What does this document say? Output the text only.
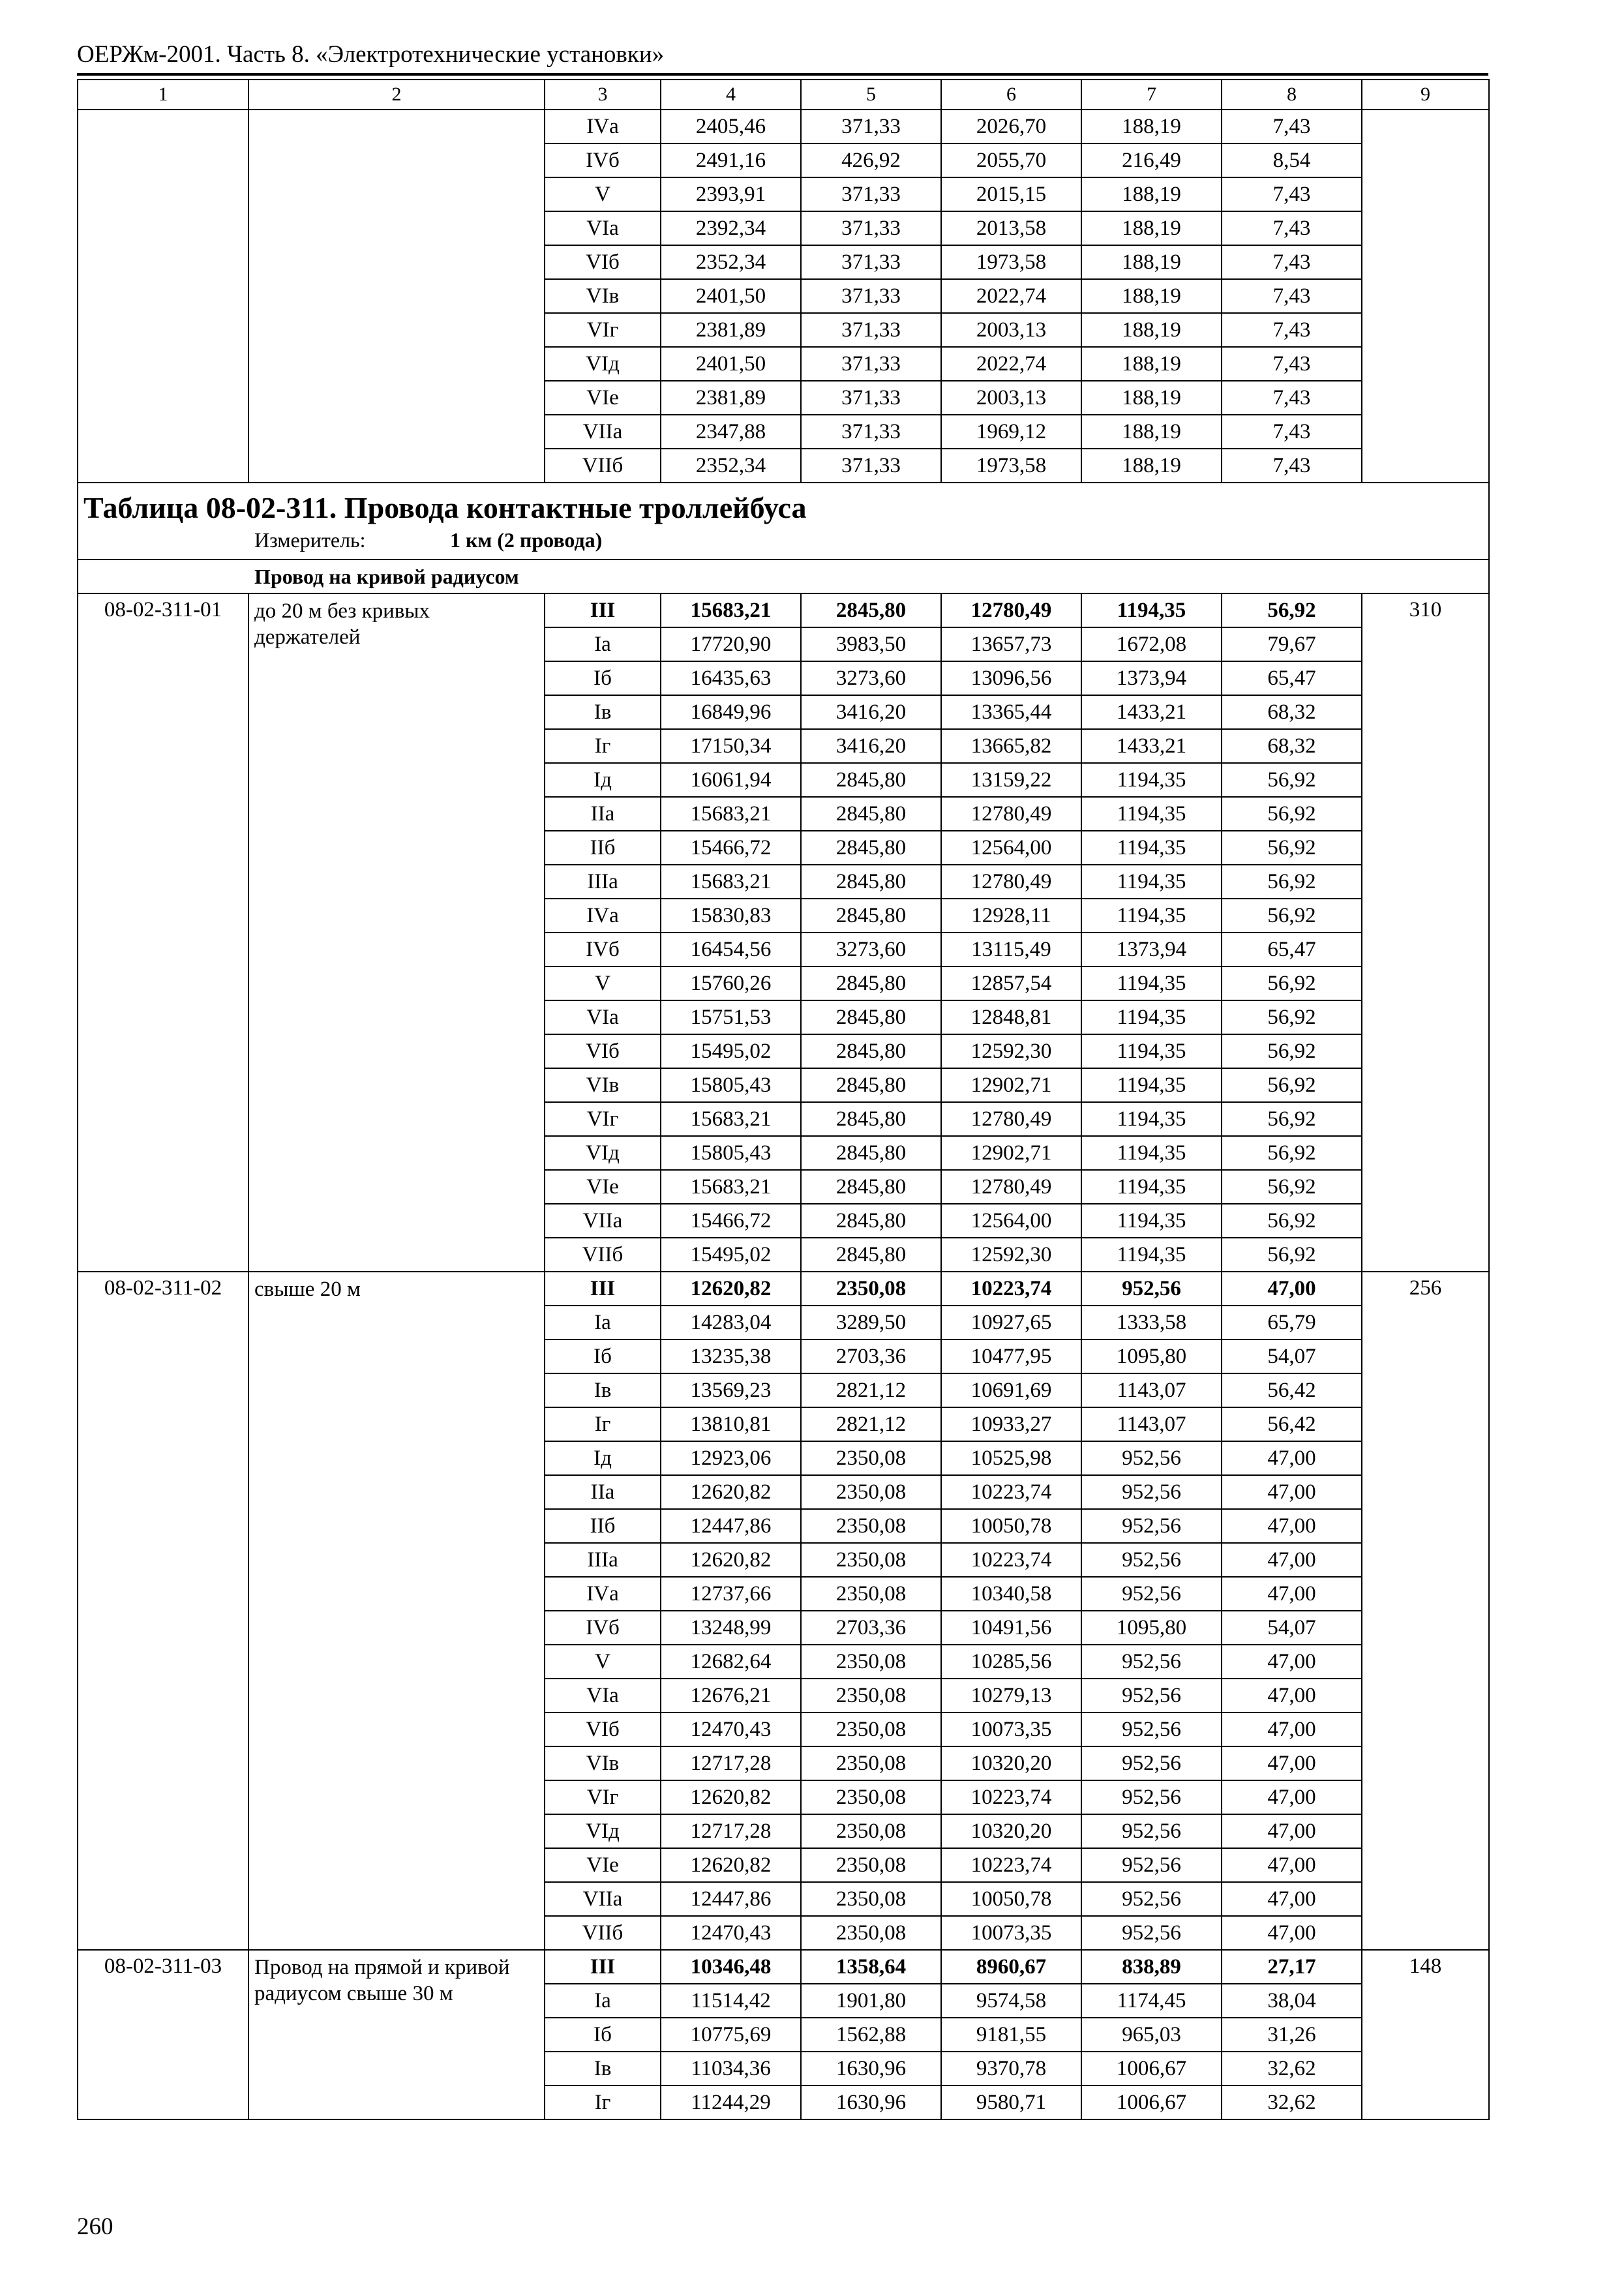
ОЕРЖм-2001. Часть 8. «Электротехнические установки»
1	2	3	4	5	6	7	8	9
		IVа	2405,46	371,33	2026,70	188,19	7,43	
		IVб	2491,16	426,92	2055,70	216,49	8,54	
		V	2393,91	371,33	2015,15	188,19	7,43	
		VIа	2392,34	371,33	2013,58	188,19	7,43	
		VIб	2352,34	371,33	1973,58	188,19	7,43	
		VIв	2401,50	371,33	2022,74	188,19	7,43	
		VIг	2381,89	371,33	2003,13	188,19	7,43	
		VIд	2401,50	371,33	2022,74	188,19	7,43	
		VIе	2381,89	371,33	2003,13	188,19	7,43	
		VIIа	2347,88	371,33	1969,12	188,19	7,43	
		VIIб	2352,34	371,33	1973,58	188,19	7,43	

Таблица 08-02-311. Провода контактные троллейбуса
Измеритель: 1 км (2 провода)								

Провод на кривой радиусом								
08-02-311-01	до 20 м без кривых держателей	III	15683,21	2845,80	12780,49	1194,35	56,92	310
		Iа	17720,90	3983,50	13657,73	1672,08	79,67	
		Iб	16435,63	3273,60	13096,56	1373,94	65,47	
		Iв	16849,96	3416,20	13365,44	1433,21	68,32	
		Iг	17150,34	3416,20	13665,82	1433,21	68,32	
		Iд	16061,94	2845,80	13159,22	1194,35	56,92	
		IIа	15683,21	2845,80	12780,49	1194,35	56,92	
		IIб	15466,72	2845,80	12564,00	1194,35	56,92	
		IIIа	15683,21	2845,80	12780,49	1194,35	56,92	
		IVа	15830,83	2845,80	12928,11	1194,35	56,92	
		IVб	16454,56	3273,60	13115,49	1373,94	65,47	
		V	15760,26	2845,80	12857,54	1194,35	56,92	
		VIа	15751,53	2845,80	12848,81	1194,35	56,92	
		VIб	15495,02	2845,80	12592,30	1194,35	56,92	
		VIв	15805,43	2845,80	12902,71	1194,35	56,92	
		VIг	15683,21	2845,80	12780,49	1194,35	56,92	
		VIд	15805,43	2845,80	12902,71	1194,35	56,92	
		VIе	15683,21	2845,80	12780,49	1194,35	56,92	
		VIIа	15466,72	2845,80	12564,00	1194,35	56,92	
		VIIб	15495,02	2845,80	12592,30	1194,35	56,92	
08-02-311-02	свыше 20 м	III	12620,82	2350,08	10223,74	952,56	47,00	256
		Iа	14283,04	3289,50	10927,65	1333,58	65,79	
		Iб	13235,38	2703,36	10477,95	1095,80	54,07	
		Iв	13569,23	2821,12	10691,69	1143,07	56,42	
		Iг	13810,81	2821,12	10933,27	1143,07	56,42	
		Iд	12923,06	2350,08	10525,98	952,56	47,00	
		IIа	12620,82	2350,08	10223,74	952,56	47,00	
		IIб	12447,86	2350,08	10050,78	952,56	47,00	
		IIIа	12620,82	2350,08	10223,74	952,56	47,00	
		IVа	12737,66	2350,08	10340,58	952,56	47,00	
		IVб	13248,99	2703,36	10491,56	1095,80	54,07	
		V	12682,64	2350,08	10285,56	952,56	47,00	
		VIа	12676,21	2350,08	10279,13	952,56	47,00	
		VIб	12470,43	2350,08	10073,35	952,56	47,00	
		VIв	12717,28	2350,08	10320,20	952,56	47,00	
		VIг	12620,82	2350,08	10223,74	952,56	47,00	
		VIд	12717,28	2350,08	10320,20	952,56	47,00	
		VIе	12620,82	2350,08	10223,74	952,56	47,00	
		VIIа	12447,86	2350,08	10050,78	952,56	47,00	
		VIIб	12470,43	2350,08	10073,35	952,56	47,00	
08-02-311-03	Провод на прямой и кривой радиусом свыше 30 м	III	10346,48	1358,64	8960,67	838,89	27,17	148
		Iа	11514,42	1901,80	9574,58	1174,45	38,04	
		Iб	10775,69	1562,88	9181,55	965,03	31,26	
		Iв	11034,36	1630,96	9370,78	1006,67	32,62	
		Iг	11244,29	1630,96	9580,71	1006,67	32,62	
260
